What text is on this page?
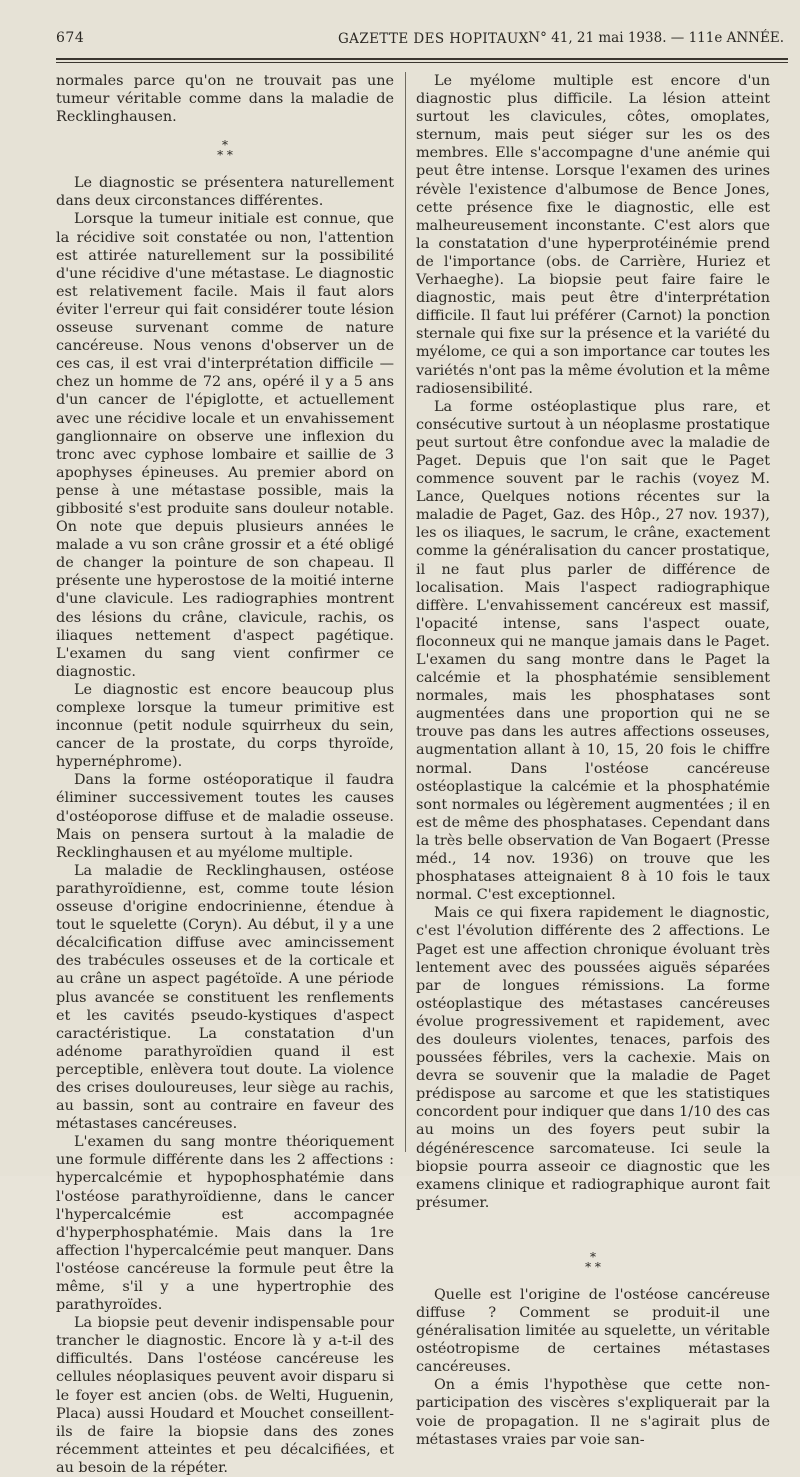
674	GAZETTE DES HOPITAUX N° 41, 21 mai 1938. — 111e ANNÉE.

normales parce qu'on ne trouvait pas une tumeur véritable comme dans la maladie de Recklinghausen.

*
* *

Le diagnostic se présentera naturellement dans deux circonstances différentes.

Lorsque la tumeur initiale est connue, que la récidive soit constatée ou non, l'attention est attirée naturellement sur la possibilité d'une récidive d'une métastase. Le diagnostic est relativement facile. Mais il faut alors éviter l'erreur qui fait considérer toute lésion osseuse survenant comme de nature cancéreuse. Nous venons d'observer un de ces cas, il est vrai d'interprétation difficile — chez un homme de 72 ans, opéré il y a 5 ans d'un cancer de l'épiglotte, et actuellement avec une récidive locale et un envahissement ganglionnaire on observe une inflexion du tronc avec cyphose lombaire et saillie de 3 apophyses épineuses. Au premier abord on pense à une métastase possible, mais la gibbosité s'est produite sans douleur notable. On note que depuis plusieurs années le malade a vu son crâne grossir et a été obligé de changer la pointure de son chapeau. Il présente une hyperostose de la moitié interne d'une clavicule. Les radiographies montrent des lésions du crâne, clavicule, rachis, os iliaques nettement d'aspect pagétique. L'examen du sang vient confirmer ce diagnostic.

Le diagnostic est encore beaucoup plus complexe lorsque la tumeur primitive est inconnue (petit nodule squirrheux du sein, cancer de la prostate, du corps thyroïde, hypernéphrome).

Dans la forme ostéoporatique il faudra éliminer successivement toutes les causes d'ostéoporose diffuse et de maladie osseuse. Mais on pensera surtout à la maladie de Recklinghausen et au myélome multiple.

La maladie de Recklinghausen, ostéose parathyroïdienne, est, comme toute lésion osseuse d'origine endocrinienne, étendue à tout le squelette (Coryn). Au début, il y a une décalcification diffuse avec amincissement des trabécules osseuses et de la corticale et au crâne un aspect pagétoïde. A une période plus avancée se constituent les renflements et les cavités pseudo-kystiques d'aspect caractéristique. La constatation d'un adénome parathyroïdien quand il est perceptible, enlèvera tout doute. La violence des crises douloureuses, leur siège au rachis, au bassin, sont au contraire en faveur des métastases cancéreuses.

L'examen du sang montre théoriquement une formule différente dans les 2 affections : hypercalcémie et hypophosphatémie dans l'ostéose parathyroïdienne, dans le cancer l'hypercalcémie est accompagnée d'hyperphosphatémie. Mais dans la 1re affection l'hypercalcémie peut manquer. Dans l'ostéose cancéreuse la formule peut être la même, s'il y a une hypertrophie des parathyroïdes.

La biopsie peut devenir indispensable pour trancher le diagnostic. Encore là y a-t-il des difficultés. Dans l'ostéose cancéreuse les cellules néoplasiques peuvent avoir disparu si le foyer est ancien (obs. de Welti, Huguenin, Placa) aussi Houdard et Mouchet conseillent-ils de faire la biopsie dans des zones récemment atteintes et peu décalcifiées, et au besoin de la répéter.

Le myélome multiple est encore d'un diagnostic plus difficile. La lésion atteint surtout les clavicules, côtes, omoplates, sternum, mais peut siéger sur les os des membres. Elle s'accompagne d'une anémie qui peut être intense. Lorsque l'examen des urines révèle l'existence d'albumose de Bence Jones, cette présence fixe le diagnostic, elle est malheureusement inconstante. C'est alors que la constatation d'une hyperprotéinémie prend de l'importance (obs. de Carrière, Huriez et Verhaeghe). La biopsie peut faire faire le diagnostic, mais peut être d'interprétation difficile. Il faut lui préférer (Carnot) la ponction sternale qui fixe sur la présence et la variété du myélome, ce qui a son importance car toutes les variétés n'ont pas la même évolution et la même radiosensibilité.

La forme ostéoplastique plus rare, et consécutive surtout à un néoplasme prostatique peut surtout être confondue avec la maladie de Paget. Depuis que l'on sait que le Paget commence souvent par le rachis (voyez M. Lance, Quelques notions récentes sur la maladie de Paget, Gaz. des Hôp., 27 nov. 1937), les os iliaques, le sacrum, le crâne, exactement comme la généralisation du cancer prostatique, il ne faut plus parler de différence de localisation. Mais l'aspect radiographique diffère. L'envahissement cancéreux est massif, l'opacité intense, sans l'aspect ouate, floconneux qui ne manque jamais dans le Paget. L'examen du sang montre dans le Paget la calcémie et la phosphatémie sensiblement normales, mais les phosphatases sont augmentées dans une proportion qui ne se trouve pas dans les autres affections osseuses, augmentation allant à 10, 15, 20 fois le chiffre normal. Dans l'ostéose cancéreuse ostéoplastique la calcémie et la phosphatémie sont normales ou légèrement augmentées ; il en est de même des phosphatases. Cependant dans la très belle observation de Van Bogaert (Presse méd., 14 nov. 1936) on trouve que les phosphatases atteignaient 8 à 10 fois le taux normal. C'est exceptionnel.

Mais ce qui fixera rapidement le diagnostic, c'est l'évolution différente des 2 affections. Le Paget est une affection chronique évoluant très lentement avec des poussées aiguës séparées par de longues rémissions. La forme ostéoplastique des métastases cancéreuses évolue progressivement et rapidement, avec des douleurs violentes, tenaces, parfois des poussées fébriles, vers la cachexie. Mais on devra se souvenir que la maladie de Paget prédispose au sarcome et que les statistiques concordent pour indiquer que dans 1/10 des cas au moins un des foyers peut subir la dégénérescence sarcomateuse. Ici seule la biopsie pourra asseoir ce diagnostic que les examens clinique et radiographique auront fait présumer.

*
* *

Quelle est l'origine de l'ostéose cancéreuse diffuse ? Comment se produit-il une généralisation limitée au squelette, un véritable ostéotropisme de certaines métastases cancéreuses.

On a émis l'hypothèse que cette non-participation des viscères s'expliquerait par la voie de propagation. Il ne s'agirait plus de métastases vraies par voie san-
